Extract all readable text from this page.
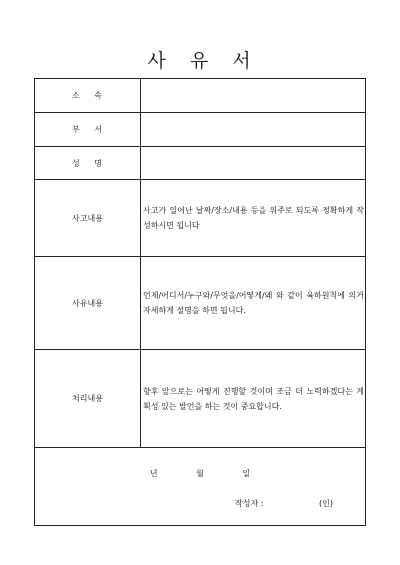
사 유 서
소 속	
부 서	
성 명	
사고내용	사고가 일어난 날짜/장소/내용 등을 위주로 되도록 정확하게 작성하시면 됩니다
사유내용	언제/어디서/누구와/무엇을/어떻게/왜 와 같이 육하원칙에 의거 자세하게 설명을 하면 됩니다.
처리내용	향후 앞으로는 어떻게 진행할 것이며 조금 더 노력하겠다는 계획성 있는 발언을 하는 것이 중요합니다.

년 월 일
작성자 : (인)	
